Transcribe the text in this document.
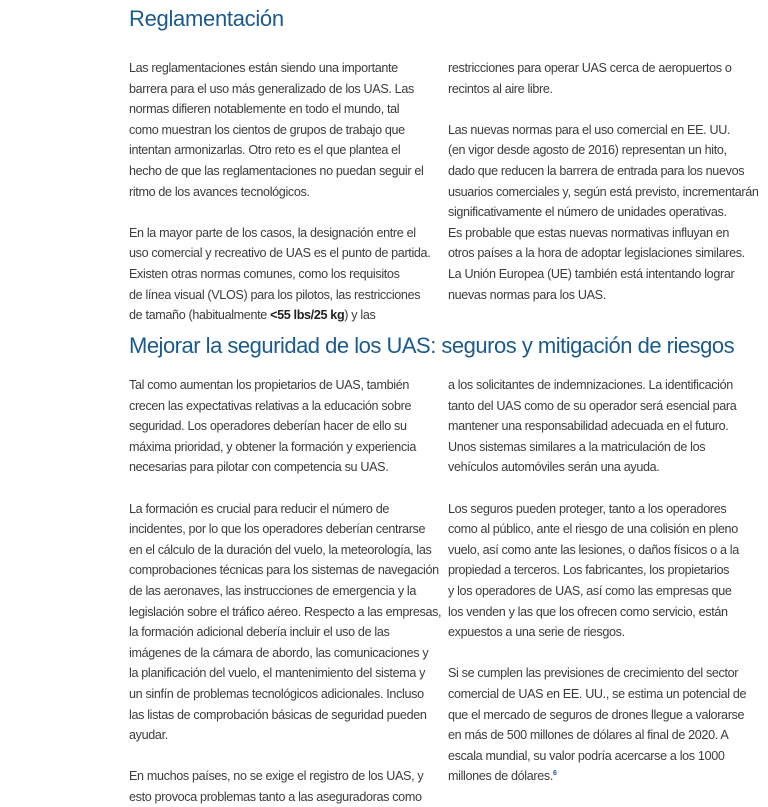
Reglamentación
Las reglamentaciones están siendo una importante
barrera para el uso más generalizado de los UAS. Las
normas difieren notablemente en todo el mundo, tal
como muestran los cientos de grupos de trabajo que
intentan armonizarlas. Otro reto es el que plantea el
hecho de que las reglamentaciones no puedan seguir el
ritmo de los avances tecnológicos.
En la mayor parte de los casos, la designación entre el
uso comercial y recreativo de UAS es el punto de partida.
Existen otras normas comunes, como los requisitos
de línea visual (VLOS) para los pilotos, las restricciones
de tamaño (habitualmente <55 lbs/25 kg) y las
restricciones para operar UAS cerca de aeropuertos o
recintos al aire libre.
Las nuevas normas para el uso comercial en EE. UU.
(en vigor desde agosto de 2016) representan un hito,
dado que reducen la barrera de entrada para los nuevos
usuarios comerciales y, según está previsto, incrementarán
significativamente el número de unidades operativas.
Es probable que estas nuevas normativas influyan en
otros países a la hora de adoptar legislaciones similares.
La Unión Europea (UE) también está intentando lograr
nuevas normas para los UAS.
Mejorar la seguridad de los UAS: seguros y mitigación de riesgos
Tal como aumentan los propietarios de UAS, también
crecen las expectativas relativas a la educación sobre
seguridad. Los operadores deberían hacer de ello su
máxima prioridad, y obtener la formación y experiencia
necesarias para pilotar con competencia su UAS.
La formación es crucial para reducir el número de
incidentes, por lo que los operadores deberían centrarse
en el cálculo de la duración del vuelo, la meteorología, las
comprobaciones técnicas para los sistemas de navegación
de las aeronaves, las instrucciones de emergencia y la
legislación sobre el tráfico aéreo. Respecto a las empresas,
la formación adicional debería incluir el uso de las
imágenes de la cámara de abordo, las comunicaciones y
la planificación del vuelo, el mantenimiento del sistema y
un sinfín de problemas tecnológicos adicionales. Incluso
las listas de comprobación básicas de seguridad pueden
ayudar.
En muchos países, no se exige el registro de los UAS, y
esto provoca problemas tanto a las aseguradoras como
a los solicitantes de indemnizaciones. La identificación
tanto del UAS como de su operador será esencial para
mantener una responsabilidad adecuada en el futuro.
Unos sistemas similares a la matriculación de los
vehículos automóviles serán una ayuda.
Los seguros pueden proteger, tanto a los operadores
como al público, ante el riesgo de una colisión en pleno
vuelo, así como ante las lesiones, o daños físicos o a la
propiedad a terceros. Los fabricantes, los propietarios
y los operadores de UAS, así como las empresas que
los venden y las que los ofrecen como servicio, están
expuestos a una serie de riesgos.
Si se cumplen las previsiones de crecimiento del sector
comercial de UAS en EE. UU., se estima un potencial de
que el mercado de seguros de drones llegue a valorarse
en más de 500 millones de dólares al final de 2020. A
escala mundial, su valor podría acercarse a los 1000
millones de dólares.$^6$
